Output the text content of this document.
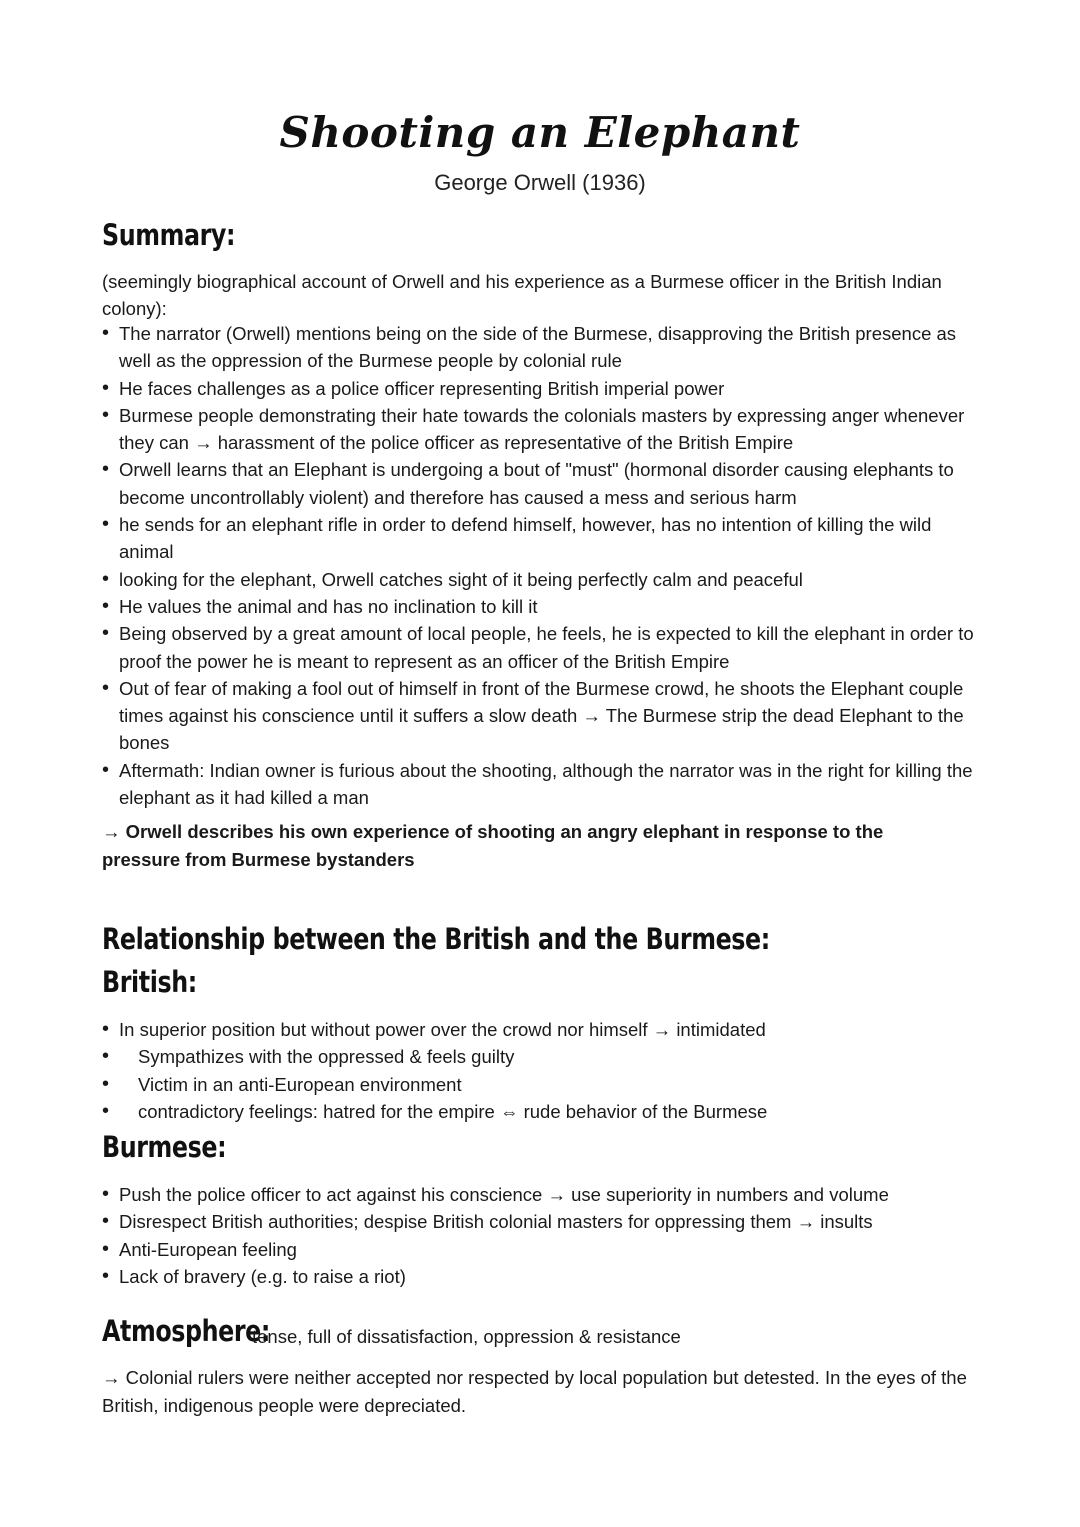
Shooting an Elephant
George Orwell (1936)
Summary:
(seemingly biographical account of Orwell and his experience as a Burmese officer in the British Indian colony):
• The narrator (Orwell) mentions being on the side of the Burmese, disapproving the British presence as well as the oppression of the Burmese people by colonial rule
• He faces challenges as a police officer representing British imperial power
• Burmese people demonstrating their hate towards the colonials masters by expressing anger whenever they can → harassment of the police officer as representative of the British Empire
• Orwell learns that an Elephant is undergoing a bout of "must" (hormonal disorder causing elephants to become uncontrollably violent) and therefore has caused a mess and serious harm
• he sends for an elephant rifle in order to defend himself, however, has no intention of killing the wild animal
• looking for the elephant, Orwell catches sight of it being perfectly calm and peaceful
• He values the animal and has no inclination to kill it
• Being observed by a great amount of local people, he feels, he is expected to kill the elephant in order to proof the power he is meant to represent as an officer of the British Empire
• Out of fear of making a fool out of himself in front of the Burmese crowd, he shoots the Elephant couple times against his conscience until it suffers a slow death → The Burmese strip the dead Elephant to the bones
• Aftermath: Indian owner is furious about the shooting, although the narrator was in the right for killing the elephant as it had killed a man
→ Orwell describes his own experience of shooting an angry elephant in response to the pressure from Burmese bystanders
Relationship between the British and the Burmese:
British:
• In superior position but without power over the crowd nor himself → intimidated
• Sympathizes with the oppressed & feels guilty
• Victim in an anti-European environment
• contradictory feelings: hatred for the empire ⇔ rude behavior of the Burmese
Burmese:
• Push the police officer to act against his conscience → use superiority in numbers and volume
• Disrespect British authorities; despise British colonial masters for oppressing them → insults
• Anti-European feeling
• Lack of bravery (e.g. to raise a riot)
Atmosphere:
tense, full of dissatisfaction, oppression & resistance
→ Colonial rulers were neither accepted nor respected by local population but detested. In the eyes of the British, indigenous people were depreciated.
